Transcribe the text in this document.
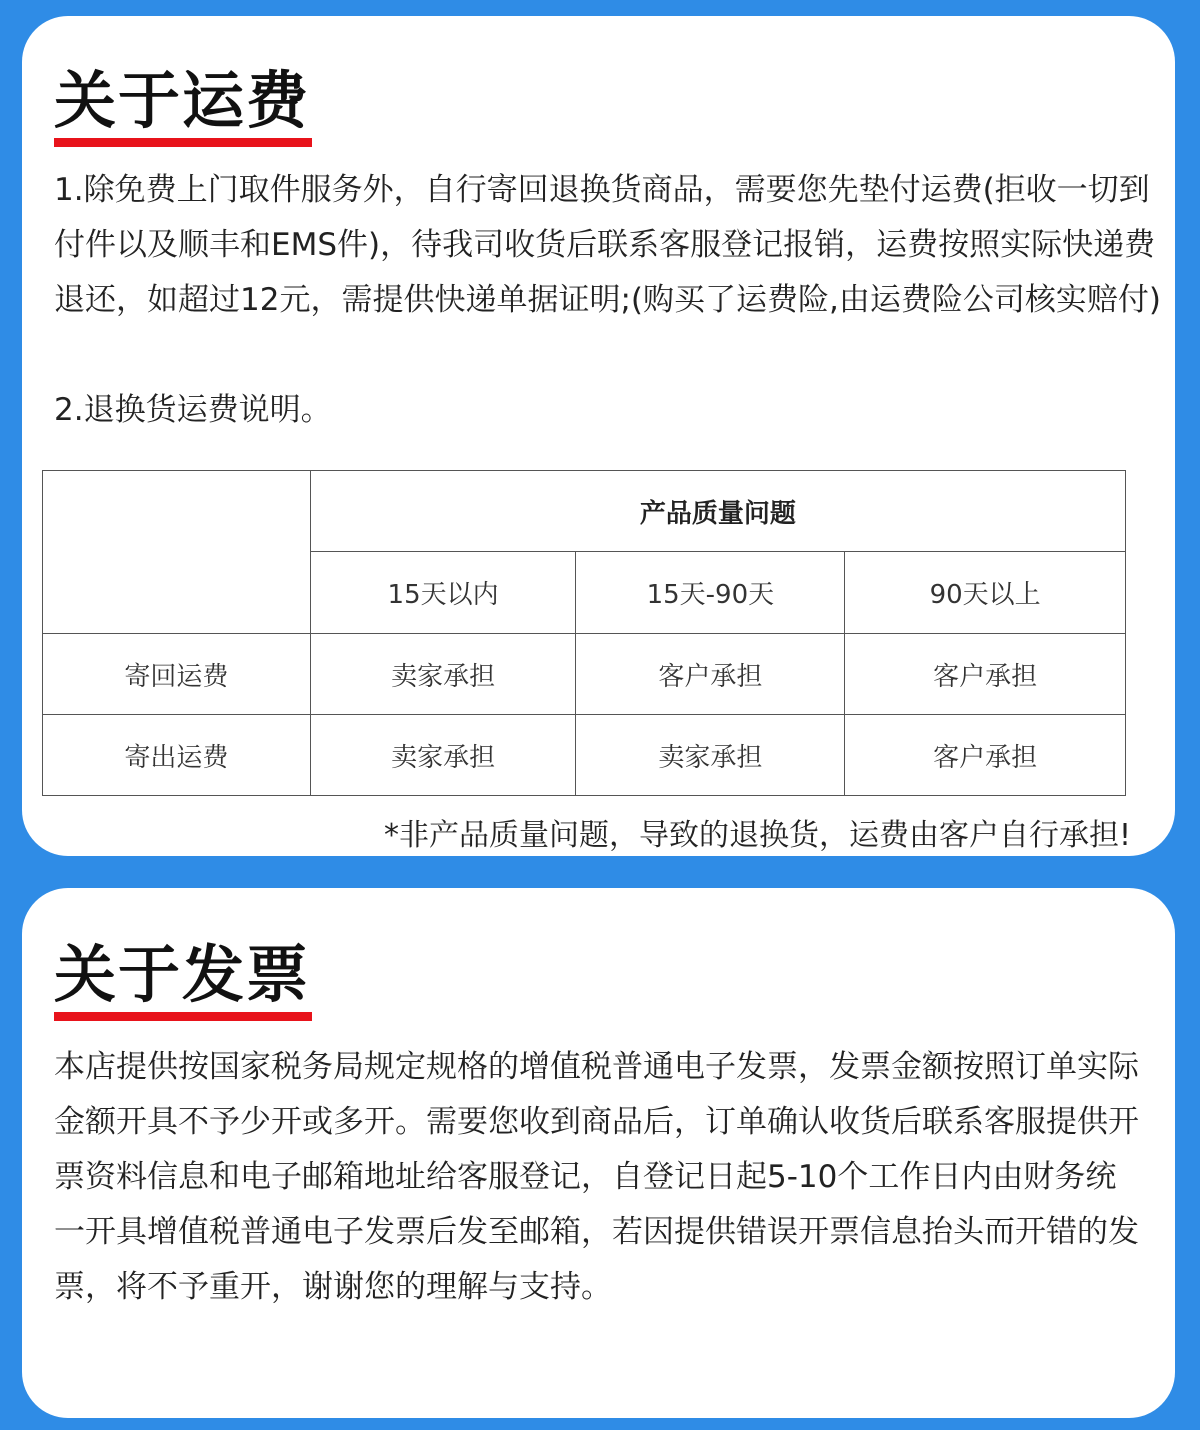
关于运费

1.除免费上门取件服务外，自行寄回退换货商品，需要您先垫付运费(拒收一切到付件以及顺丰和EMS件)，待我司收货后联系客服登记报销，运费按照实际快递费退还，如超过12元，需提供快递单据证明;(购买了运费险,由运费险公司核实赔付)

2.退换货运费说明。

	产品质量问题		
	15天以内	15天-90天	90天以上
寄回运费	卖家承担	客户承担	客户承担
寄出运费	卖家承担	卖家承担	客户承担
*非产品质量问题，导致的退换货，运费由客户自行承担!
关于发票

本店提供按国家税务局规定规格的增值税普通电子发票，发票金额按照订单实际金额开具不予少开或多开。需要您收到商品后，订单确认收货后联系客服提供开票资料信息和电子邮箱地址给客服登记，自登记日起5-10个工作日内由财务统一开具增值税普通电子发票后发至邮箱，若因提供错误开票信息抬头而开错的发票，将不予重开，谢谢您的理解与支持。
